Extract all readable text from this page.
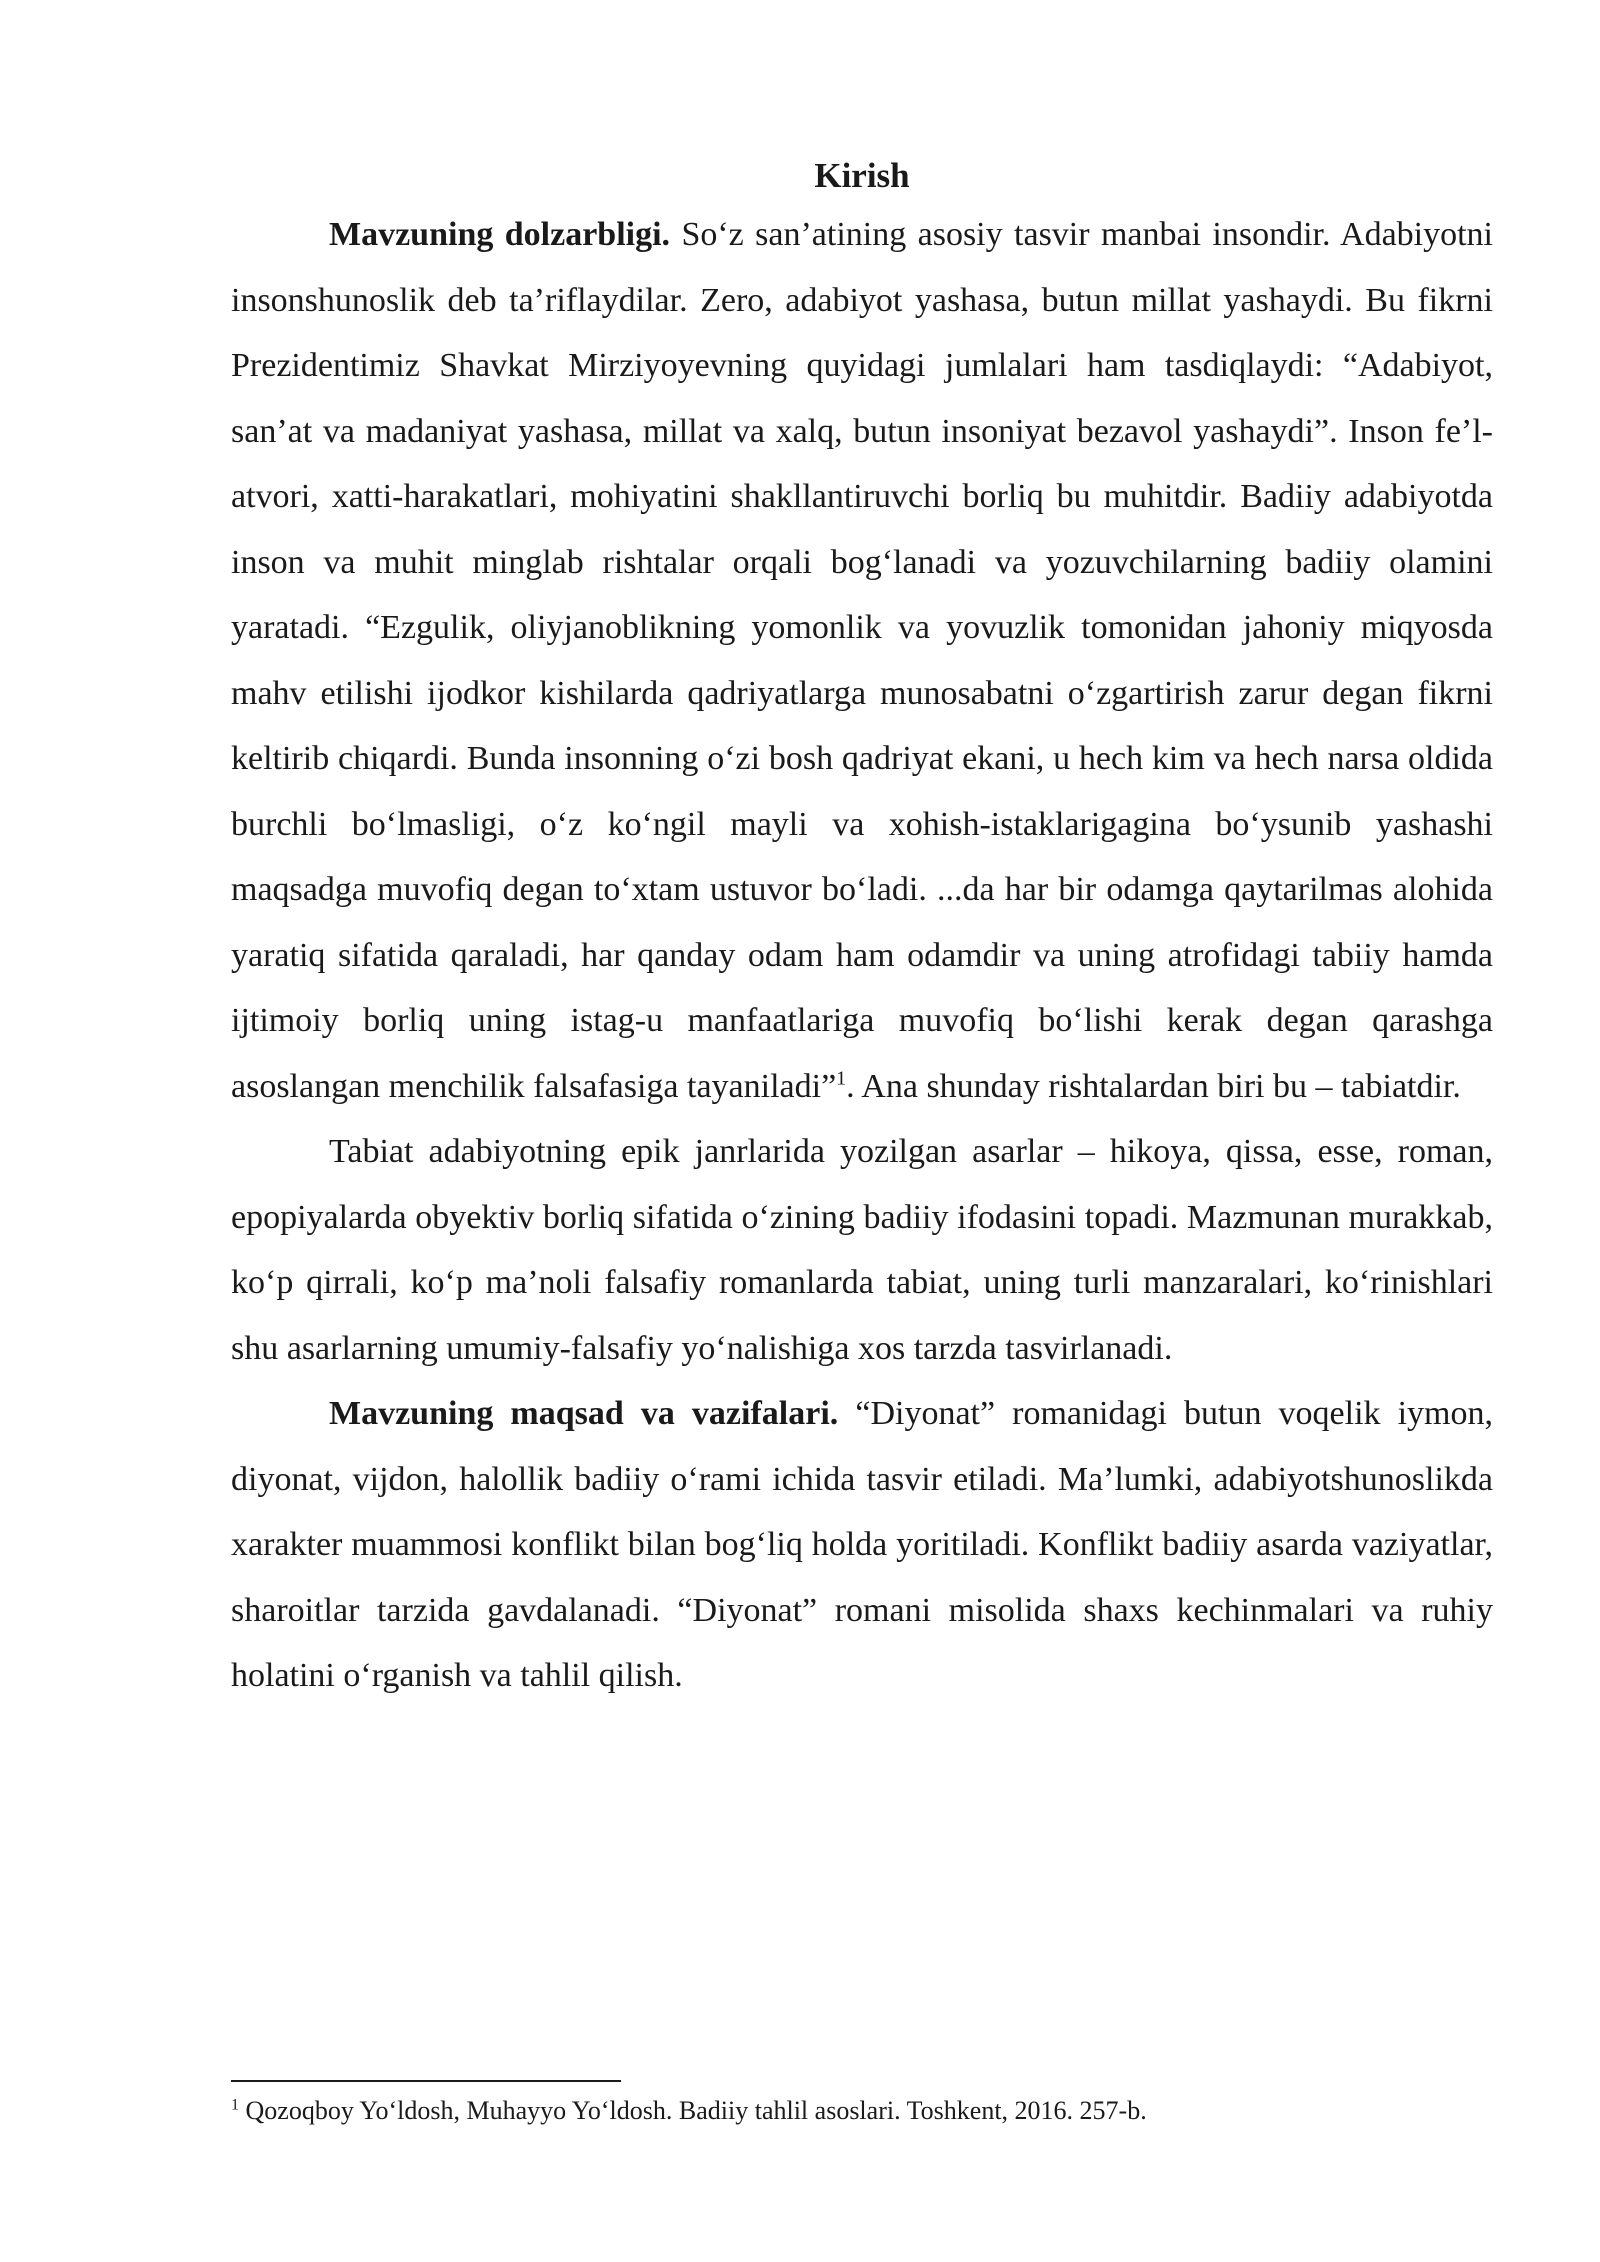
Kirish

Mavzuning dolzarbligi. So‘z san’atining asosiy tasvir manbai insondir. Adabiyotni insonshunoslik deb ta’riflaydilar. Zero, adabiyot yashasa, butun millat yashaydi. Bu fikrni Prezidentimiz Shavkat Mirziyoyevning quyidagi jumlalari ham tasdiqlaydi: “Adabiyot, san’at va madaniyat yashasa, millat va xalq, butun insoniyat bezavol yashaydi”. Inson fe’l-atvori, xatti-harakatlari, mohiyatini shakllantiruvchi borliq bu muhitdir. Badiiy adabiyotda inson va muhit minglab rishtalar orqali bog‘lanadi va yozuvchilarning badiiy olamini yaratadi. “Ezgulik, oliyjanoblikning yomonlik va yovuzlik tomonidan jahoniy miqyosda mahv etilishi ijodkor kishilarda qadriyatlarga munosabatni o‘zgartirish zarur degan fikrni keltirib chiqardi. Bunda insonning o‘zi bosh qadriyat ekani, u hech kim va hech narsa oldida burchli bo‘lmasligi, o‘z ko‘ngil mayli va xohish-istaklarigagina bo‘ysunib yashashi maqsadga muvofiq degan to‘xtam ustuvor bo‘ladi. ...da har bir odamga qaytarilmas alohida yaratiq sifatida qaraladi, har qanday odam ham odamdir va uning atrofidagi tabiiy hamda ijtimoiy borliq uning istag-u manfaatlariga muvofiq bo‘lishi kerak degan qarashga asoslangan menchilik falsafasiga tayaniladi”$^1$. Ana shunday rishtalardan biri bu – tabiatdir.

Tabiat adabiyotning epik janrlarida yozilgan asarlar – hikoya, qissa, esse, roman, epopiyalarda obyektiv borliq sifatida o‘zining badiiy ifodasini topadi. Mazmunan murakkab, ko‘p qirrali, ko‘p ma’noli falsafiy romanlarda tabiat, uning turli manzaralari, ko‘rinishlari shu asarlarning umumiy-falsafiy yo‘nalishiga xos tarzda tasvirlanadi.

Mavzuning maqsad va vazifalari. “Diyonat” romanidagi butun voqelik iymon, diyonat, vijdon, halollik badiiy o‘rami ichida tasvir etiladi. Ma’lumki, adabiyotshunoslikda xarakter muammosi konflikt bilan bog‘liq holda yoritiladi. Konflikt badiiy asarda vaziyatlar, sharoitlar tarzida gavdalanadi. “Diyonat” romani misolida shaxs kechinmalari va ruhiy holatini o‘rganish va tahlil qilish.

$^1$ Qozoqboy Yo‘ldosh, Muhayyo Yo‘ldosh. Badiiy tahlil asoslari. Toshkent, 2016. 257-b.
